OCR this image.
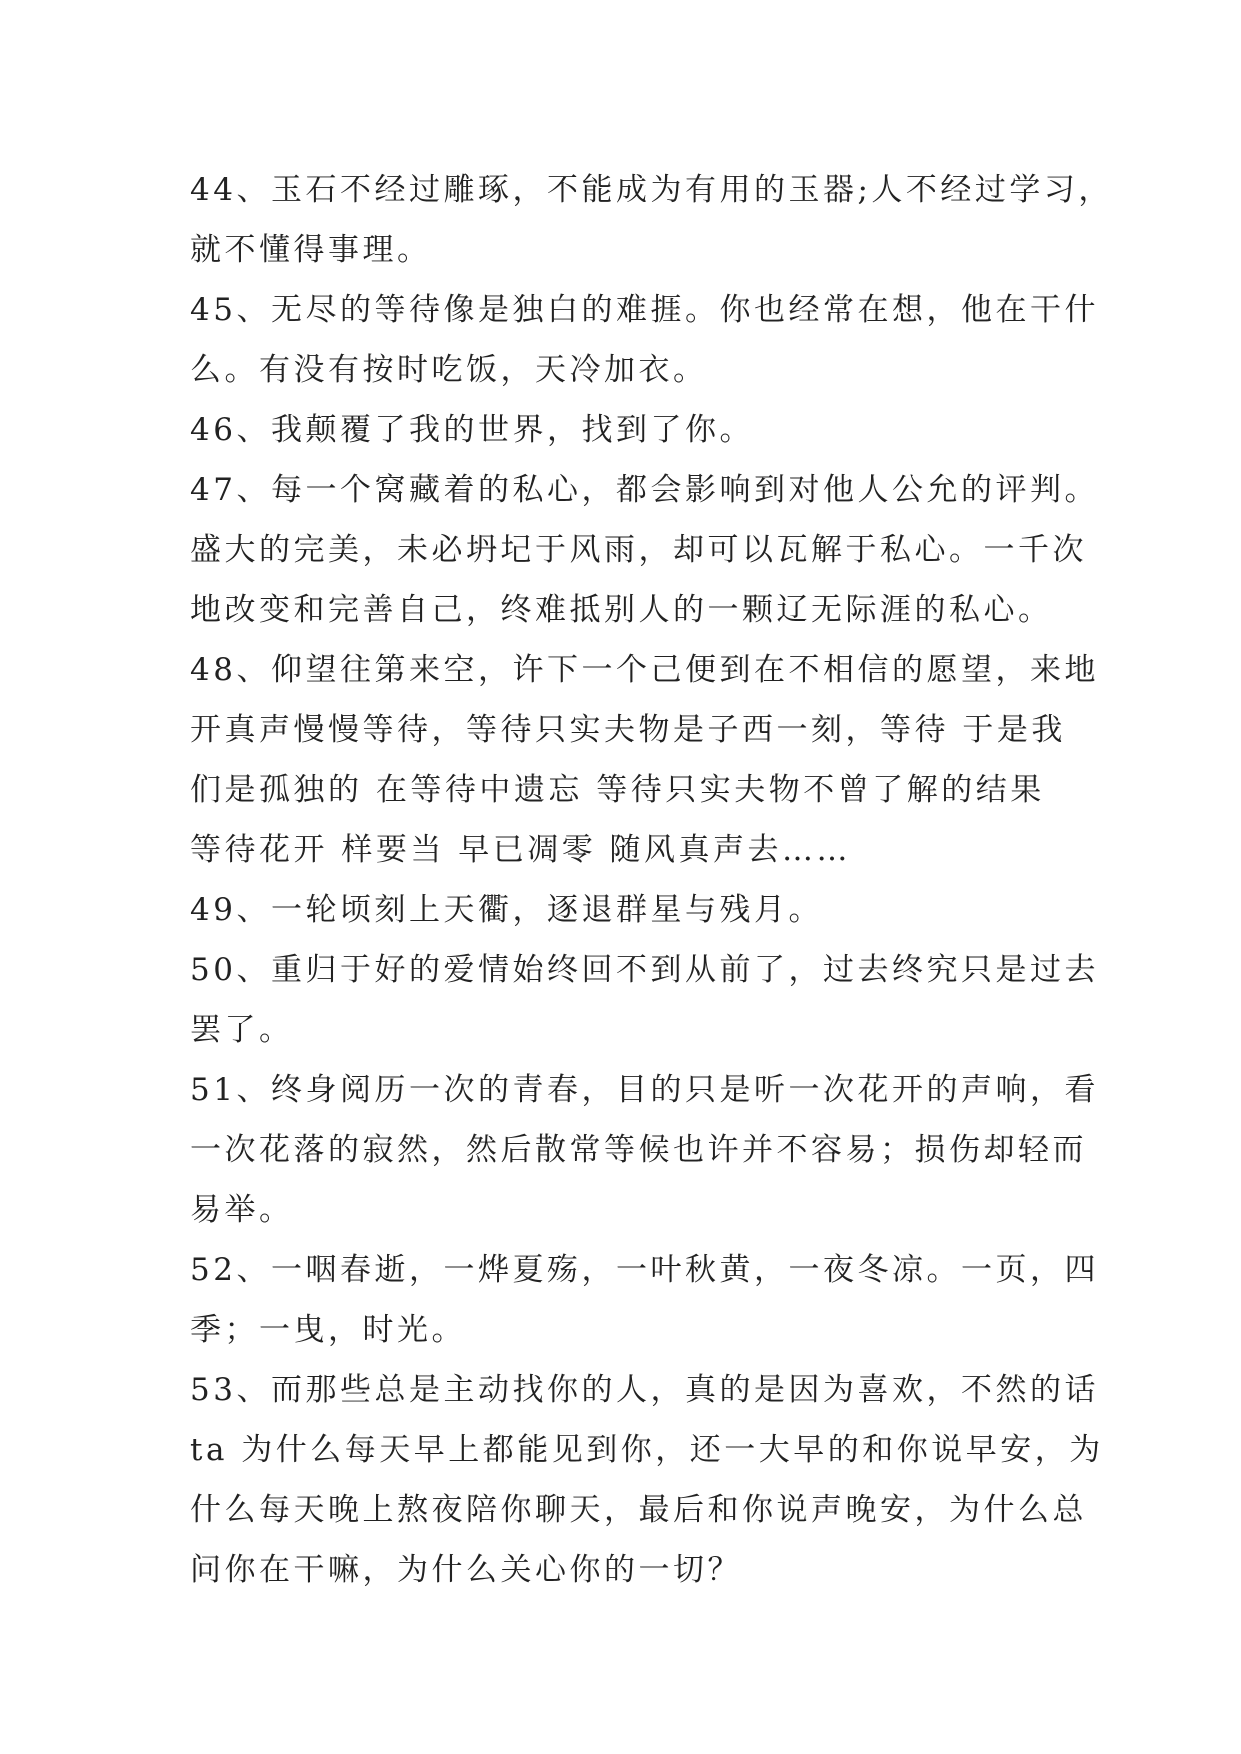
44、玉石不经过雕琢，不能成为有用的玉器;人不经过学习，
就不懂得事理。
45、无尽的等待像是独白的难捱。你也经常在想，他在干什
么。有没有按时吃饭，天冷加衣。
46、我颠覆了我的世界，找到了你。
47、每一个窝藏着的私心，都会影响到对他人公允的评判。
盛大的完美，未必坍圮于风雨，却可以瓦解于私心。一千次
地改变和完善自己，终难抵别人的一颗辽无际涯的私心。
48、仰望往第来空，许下一个己便到在不相信的愿望，来地
开真声慢慢等待，等待只实夫物是子西一刻，等待 于是我
们是孤独的 在等待中遗忘 等待只实夫物不曾了解的结果
等待花开 样要当 早已凋零 随风真声去……
49、一轮顷刻上天衢，逐退群星与残月。
50、重归于好的爱情始终回不到从前了，过去终究只是过去
罢了。
51、终身阅历一次的青春，目的只是听一次花开的声响，看
一次花落的寂然，然后散常等候也许并不容易；损伤却轻而
易举。
52、一咽春逝，一烨夏殇，一叶秋黄，一夜冬凉。一页，四
季；一曳，时光。
53、而那些总是主动找你的人，真的是因为喜欢，不然的话
ta 为什么每天早上都能见到你，还一大早的和你说早安，为
什么每天晚上熬夜陪你聊天，最后和你说声晚安，为什么总
问你在干嘛，为什么关心你的一切？
